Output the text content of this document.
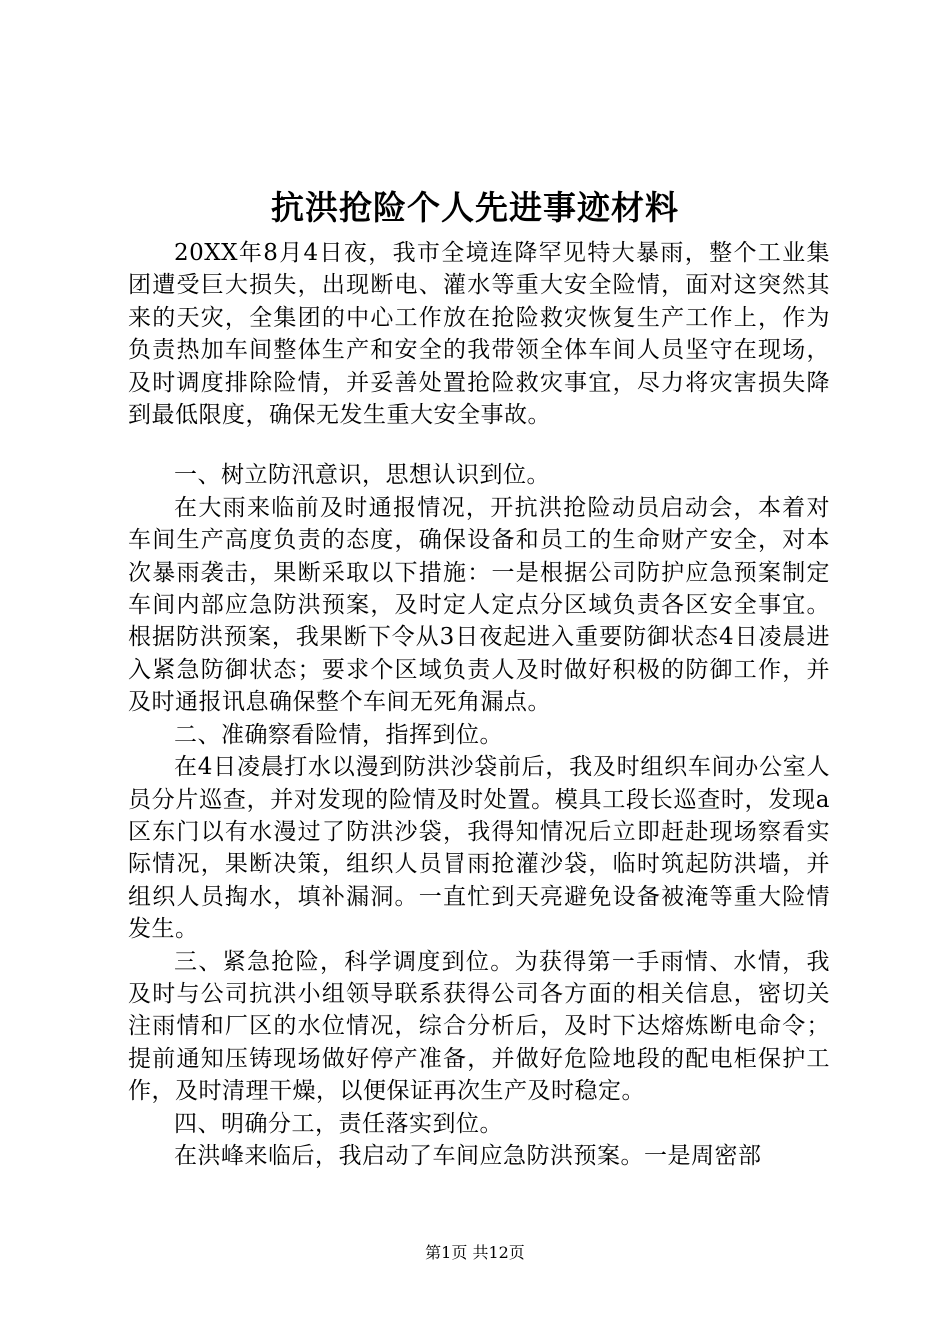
抗洪抢险个人先进事迹材料

20XX年8月4日夜，我市全境连降罕见特大暴雨，整个工业集团遭受巨大损失，出现断电、灌水等重大安全险情，面对这突然其来的天灾，全集团的中心工作放在抢险救灾恢复生产工作上，作为负责热加车间整体生产和安全的我带领全体车间人员坚守在现场，及时调度排除险情，并妥善处置抢险救灾事宜，尽力将灾害损失降到最低限度，确保无发生重大安全事故。

一、树立防汛意识，思想认识到位。

在大雨来临前及时通报情况，开抗洪抢险动员启动会，本着对车间生产高度负责的态度，确保设备和员工的生命财产安全，对本次暴雨袭击，果断采取以下措施：一是根据公司防护应急预案制定车间内部应急防洪预案，及时定人定点分区域负责各区安全事宜。根据防洪预案，我果断下令从3日夜起进入重要防御状态4日凌晨进入紧急防御状态；要求个区域负责人及时做好积极的防御工作，并及时通报讯息确保整个车间无死角漏点。

二、准确察看险情，指挥到位。

在4日凌晨打水以漫到防洪沙袋前后，我及时组织车间办公室人员分片巡查，并对发现的险情及时处置。模具工段长巡查时，发现a区东门以有水漫过了防洪沙袋，我得知情况后立即赶赴现场察看实际情况，果断决策，组织人员冒雨抢灌沙袋，临时筑起防洪墙，并组织人员掏水，填补漏洞。一直忙到天亮避免设备被淹等重大险情发生。

三、紧急抢险，科学调度到位。为获得第一手雨情、水情，我及时与公司抗洪小组领导联系获得公司各方面的相关信息，密切关注雨情和厂区的水位情况，综合分析后，及时下达熔炼断电命令；提前通知压铸现场做好停产准备，并做好危险地段的配电柜保护工作，及时清理干燥，以便保证再次生产及时稳定。

四、明确分工，责任落实到位。

在洪峰来临后，我启动了车间应急防洪预案。一是周密部

第1页 共12页
